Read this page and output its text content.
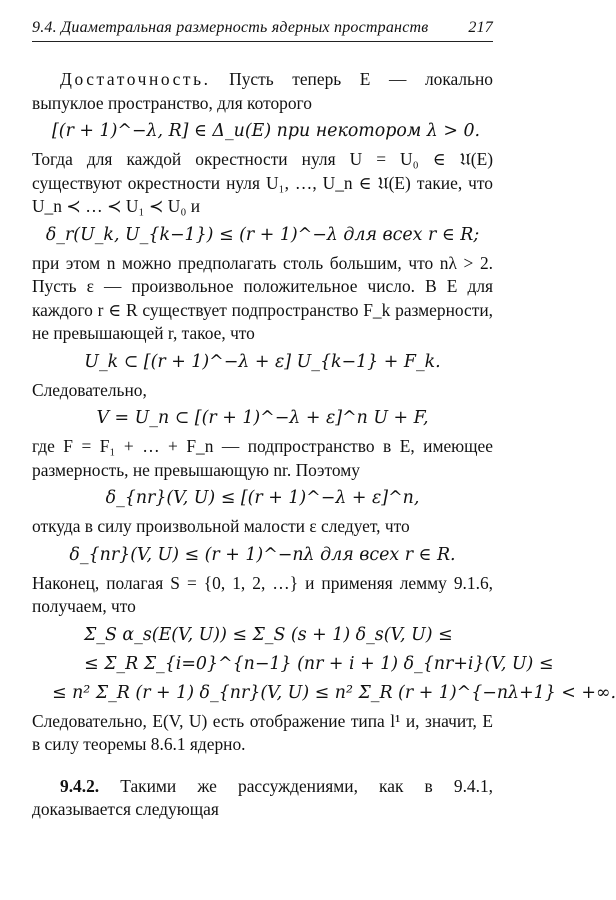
9.4. Диаметральная размерность ядерных пространств 217

Достаточность. Пусть теперь E — локально выпуклое пространство, для которого

[(r + 1)^−λ, R] ∈ Δ_u(E) при некотором λ > 0.

Тогда для каждой окрестности нуля U = U₀ ∈ 𝔘(E) существуют окрестности нуля U₁, …, U_n ∈ 𝔘(E) такие, что U_n ≺ … ≺ U₁ ≺ U₀ и

δ_r(U_k, U_{k−1}) ≤ (r + 1)^−λ для всех r ∈ R;

при этом n можно предполагать столь большим, что nλ > 2. Пусть ε — произвольное положительное число. В E для каждого r ∈ R существует подпространство F_k размерности, не превышающей r, такое, что

U_k ⊂ [(r + 1)^−λ + ε] U_{k−1} + F_k.

Следовательно,

V = U_n ⊂ [(r + 1)^−λ + ε]^n U + F,

где F = F₁ + … + F_n — подпространство в E, имеющее размерность, не превышающую nr. Поэтому

δ_{nr}(V, U) ≤ [(r + 1)^−λ + ε]^n,

откуда в силу произвольной малости ε следует, что

δ_{nr}(V, U) ≤ (r + 1)^−nλ для всех r ∈ R.

Наконец, полагая S = {0, 1, 2, …} и применяя лемму 9.1.6, получаем, что

Σ_S α_s(E(V, U)) ≤ Σ_S (s + 1) δ_s(V, U) ≤
≤ Σ_R Σ_{i=0}^{n−1} (nr + i + 1) δ_{nr+i}(V, U) ≤
≤ n² Σ_R (r + 1) δ_{nr}(V, U) ≤ n² Σ_R (r + 1)^{−nλ+1} < +∞.

Следовательно, E(V, U) есть отображение типа l¹ и, значит, E в силу теоремы 8.6.1 ядерно.

9.4.2. Такими же рассуждениями, как в 9.4.1, доказывается следующая
